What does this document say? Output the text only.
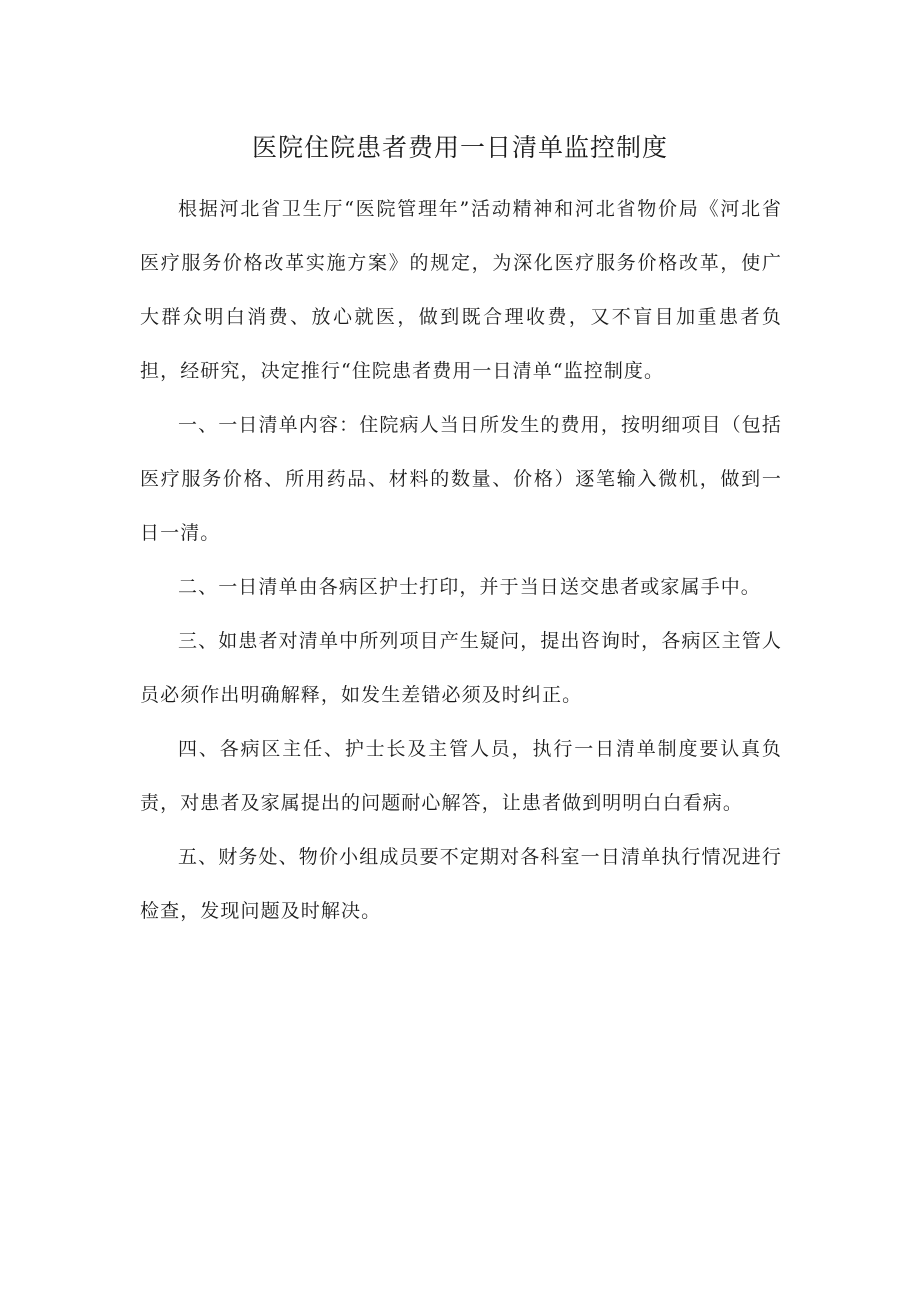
医院住院患者费用一日清单监控制度

根据河北省卫生厅“医院管理年”活动精神和河北省物价局《河北省医疗服务价格改革实施方案》的规定，为深化医疗服务价格改革，使广大群众明白消费、放心就医，做到既合理收费，又不盲目加重患者负担，经研究，决定推行“住院患者费用一日清单“监控制度。

一、一日清单内容：住院病人当日所发生的费用，按明细项目（包括医疗服务价格、所用药品、材料的数量、价格）逐笔输入微机，做到一日一清。

二、一日清单由各病区护士打印，并于当日送交患者或家属手中。

三、如患者对清单中所列项目产生疑问，提出咨询时，各病区主管人员必须作出明确解释，如发生差错必须及时纠正。

四、各病区主任、护士长及主管人员，执行一日清单制度要认真负责，对患者及家属提出的问题耐心解答，让患者做到明明白白看病。

五、财务处、物价小组成员要不定期对各科室一日清单执行情况进行检查，发现问题及时解决。
